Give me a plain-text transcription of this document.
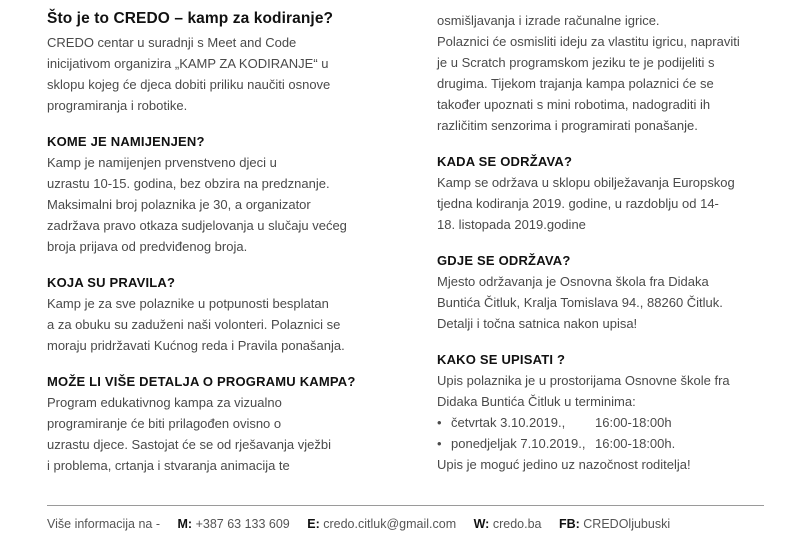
Što je to CREDO – kamp za kodiranje?

CREDO centar u suradnji s Meet and Code
inicijativom organizira „KAMP ZA KODIRANJE“ u
sklopu kojeg će djeca dobiti priliku naučiti osnove
programiranja i robotike.

KOME JE NAMIJENJEN?

Kamp je namijenjen prvenstveno djeci u
uzrastu 10-15. godina, bez obzira na predznanje.
Maksimalni broj polaznika je 30, a organizator
zadržava pravo otkaza sudjelovanja u slučaju većeg
broja prijava od predviđenog broja.

KOJA SU PRAVILA?

Kamp je za sve polaznike u potpunosti besplatan
a za obuku su zaduženi naši volonteri. Polaznici se
moraju pridržavati Kućnog reda i Pravila ponašanja.

MOŽE LI VIŠE DETALJA O PROGRAMU KAMPA?

Program edukativnog kampa za vizualno
programiranje će biti prilagođen ovisno o
uzrastu djece. Sastojat će se od rješavanja vježbi
i problema, crtanja i stvaranja animacija te

osmišljavanja i izrade računalne igrice.
Polaznici će osmisliti ideju za vlastitu igricu, napraviti
je u Scratch programskom jeziku te je podijeliti s
drugima. Tijekom trajanja kampa polaznici će se
također upoznati s mini robotima, nadograditi ih
različitim senzorima i programirati ponašanje.

KADA SE ODRŽAVA?

Kamp se održava u sklopu obilježavanja Europskog
tjedna kodiranja 2019. godine, u razdoblju od 14-
18. listopada 2019.godine

GDJE SE ODRŽAVA?

Mjesto održavanja je Osnovna škola fra Didaka
Buntića Čitluk, Kralja Tomislava 94., 88260 Čitluk.
Detalji i točna satnica nakon upisa!

KAKO SE UPISATI ?

Upis polaznika je u prostorijama Osnovne škole fra
Didaka Buntića Čitluk u terminima:

• četvrtak 3.10.2019., 16:00-18:00h
• ponedjeljak 7.10.2019., 16:00-18:00h.

Upis je moguć jedino uz nazočnost roditelja!

Više informacija na - M: +387 63 133 609 E: credo.citluk@gmail.com W: credo.ba FB: CREDOljubuski
